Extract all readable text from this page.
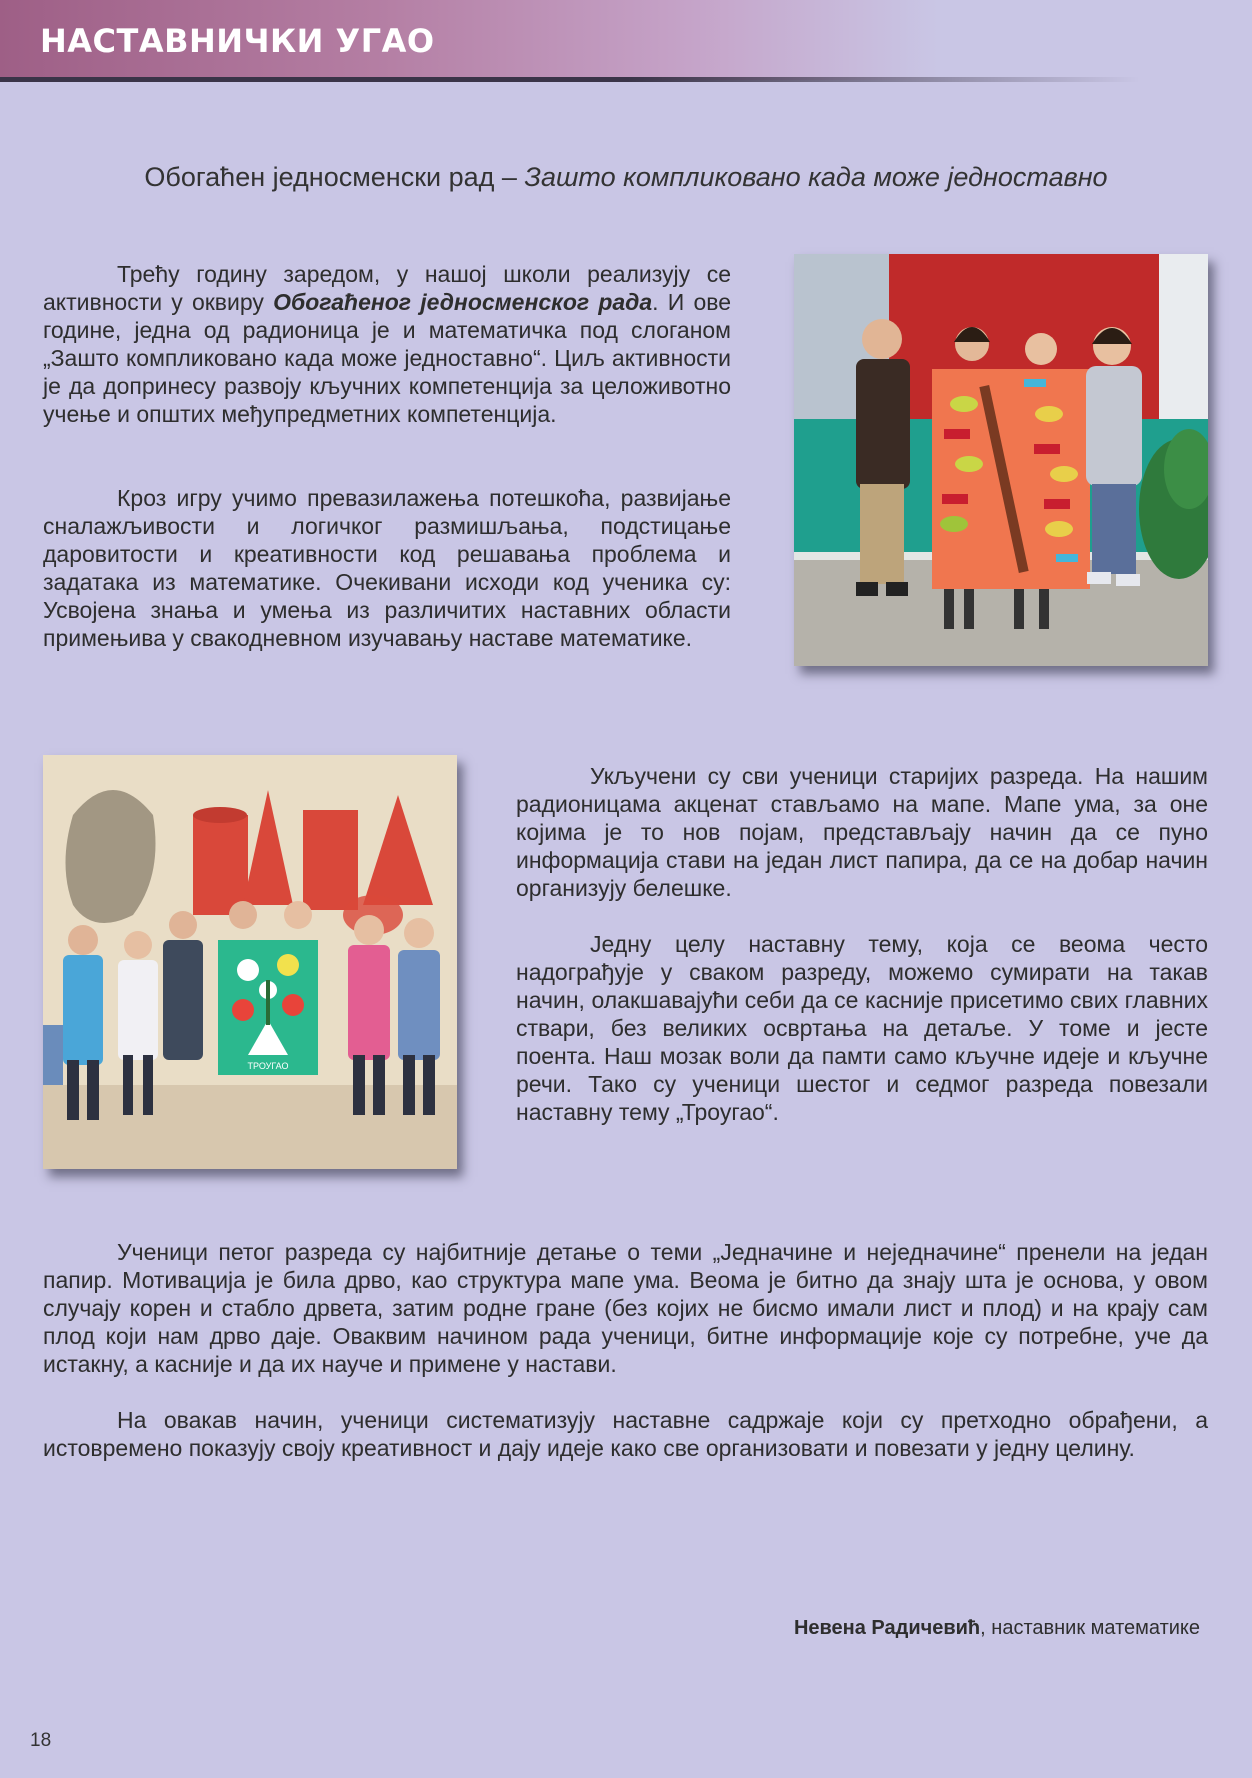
НАСТАВНИЧКИ УГАО
Обогаћен једносменски рад – Зашто компликовано када може једноставно

Трећу годину заредом, у нашој школи реализују се активности у оквиру Обогаћеног једносменског рада. И ове године, једна од радионица је и математичка под слоганом „Зашто компликовано када може једноставно“. Циљ активности је да допринесу развоју кључних компетенција за целоживотно учење и општих међупредметних компетенција.

Кроз игру учимо превазилажења потешкоћа, развијање сналажљивости и логичког размишљања, подстицање даровитости и креативности код решавања проблема и задатака из математике. Очекивани исходи код ученика су: Усвојена знања и умења из различитих наставних области примењива у свакодневном изучавању наставе математике.

ТРОУГАО

Укључени су сви ученици старијих разреда. На нашим радионицама акценат стављамо на мапе. Мапе ума, за оне којима је то нов појам, представљају начин да се пуно информација стави на један лист папира, да се на добар начин организују белешке.

Једну целу наставну тему, која се веома често надограђује у сваком разреду, можемо сумирати на такав начин, олакшавајући себи да се касније присетимо свих главних ствари, без великих освртања на детаље. У томе и јесте поента. Наш мозак воли да памти само кључне идеје и кључне речи. Тако су ученици шестог и седмог разреда повезали наставну тему „Троугао“.

Ученици петог разреда су најбитније детање о теми „Једначине и неједначине“ пренели на један папир. Мотивација је била дрво, као структура мапе ума. Веома је битно да знају шта је основа, у овом случају корен и стабло дрвета, затим родне гране (без којих не бисмо имали лист и плод) и на крају сам плод који нам дрво даје. Оваквим начином рада ученици, битне информације које су потребне, уче да истакну, а касније и да их науче и примене у настави.

На овакав начин, ученици систематизују наставне садржаје који су претходно обрађени, а истовремено показују своју креативност и дају идеје како све организовати и повезати у једну целину.

Невена Радичевић, наставник математике

18
